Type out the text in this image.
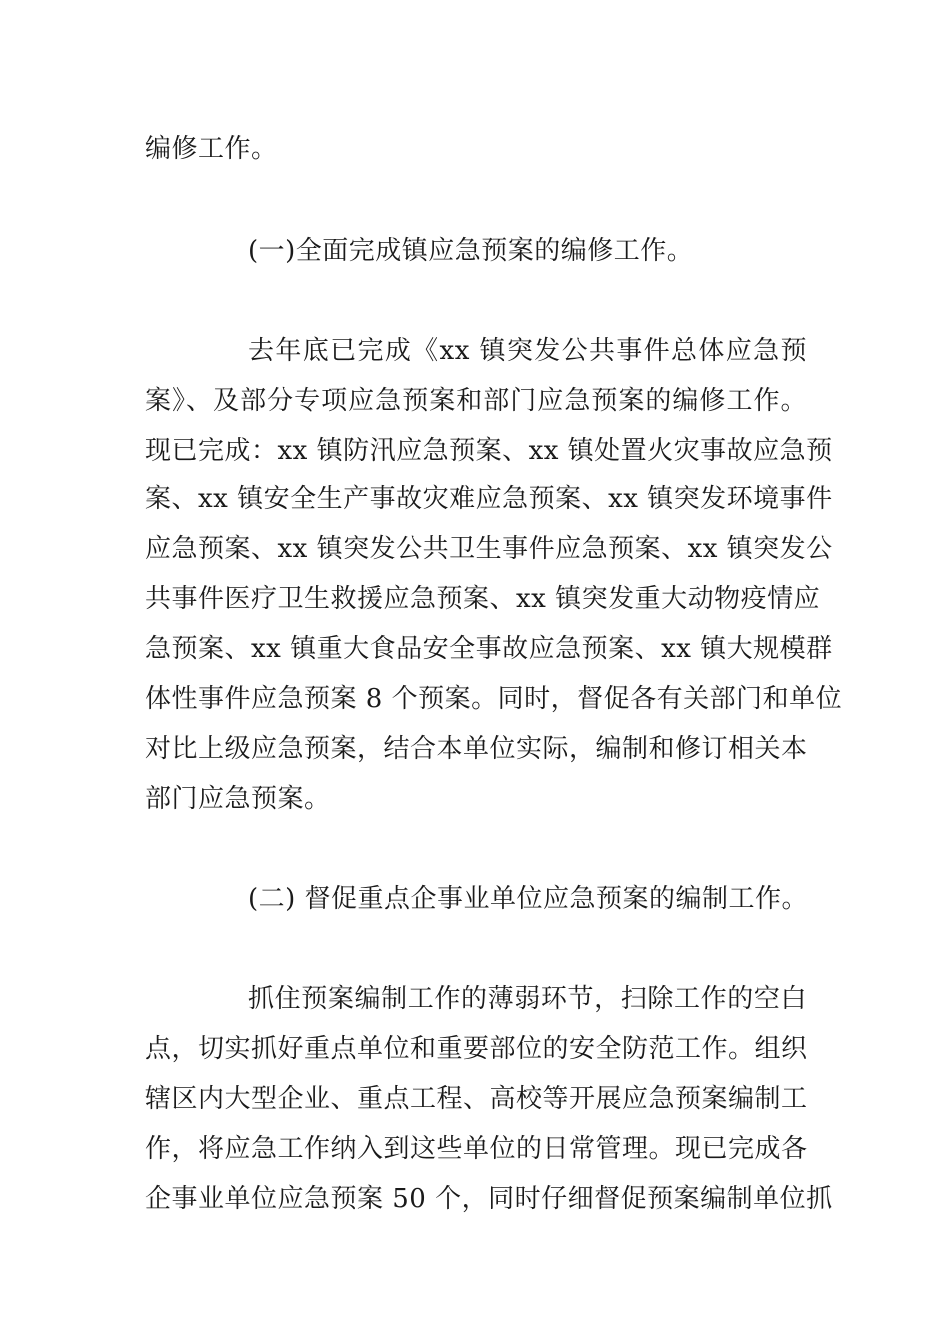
编修工作。
(一)全面完成镇应急预案的编修工作。
去年底已完成《xx 镇突发公共事件总体应急预
案》、及部分专项应急预案和部门应急预案的编修工作。
现已完成：xx 镇防汛应急预案、xx 镇处置火灾事故应急预
案、xx 镇安全生产事故灾难应急预案、xx 镇突发环境事件
应急预案、xx 镇突发公共卫生事件应急预案、xx 镇突发公
共事件医疗卫生救援应急预案、xx 镇突发重大动物疫情应
急预案、xx 镇重大食品安全事故应急预案、xx 镇大规模群
体性事件应急预案 8 个预案。同时，督促各有关部门和单位
对比上级应急预案，结合本单位实际，编制和修订相关本
部门应急预案。
(二) 督促重点企事业单位应急预案的编制工作。
抓住预案编制工作的薄弱环节，扫除工作的空白
点，切实抓好重点单位和重要部位的安全防范工作。组织
辖区内大型企业、重点工程、高校等开展应急预案编制工
作，将应急工作纳入到这些单位的日常管理。现已完成各
企事业单位应急预案 50 个，同时仔细督促预案编制单位抓
